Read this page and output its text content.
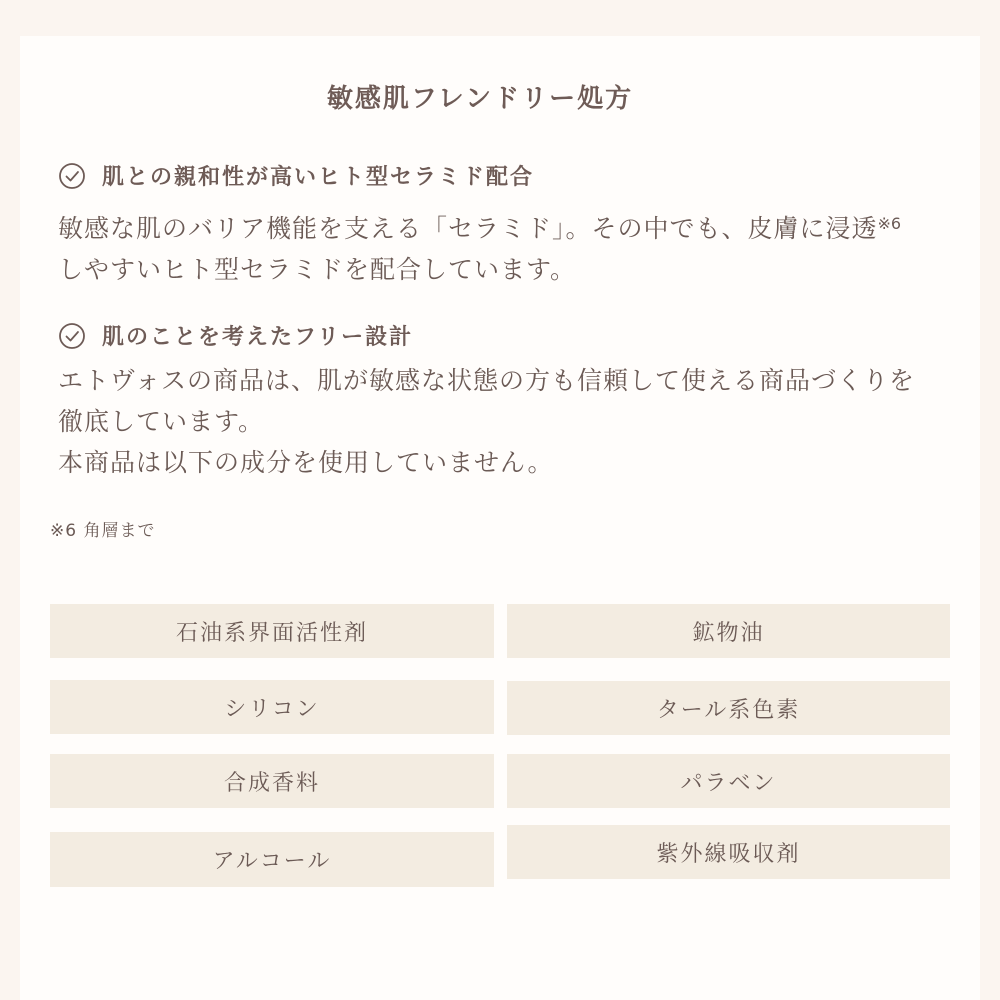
敏感肌フレンドリー処方
肌との親和性が高いヒト型セラミド配合
敏感な肌のバリア機能を支える「セラミド」。その中でも、皮膚に浸透$^{※6}$
しやすいヒト型セラミドを配合しています。
肌のことを考えたフリー設計
エトヴォスの商品は、肌が敏感な状態の方も信頼して使える商品づくりを
徹底しています。
本商品は以下の成分を使用していません。
※6 角層まで
石油系界面活性剤	鉱物油
シリコン	タール系色素
合成香料	パラベン
アルコール	紫外線吸収剤
